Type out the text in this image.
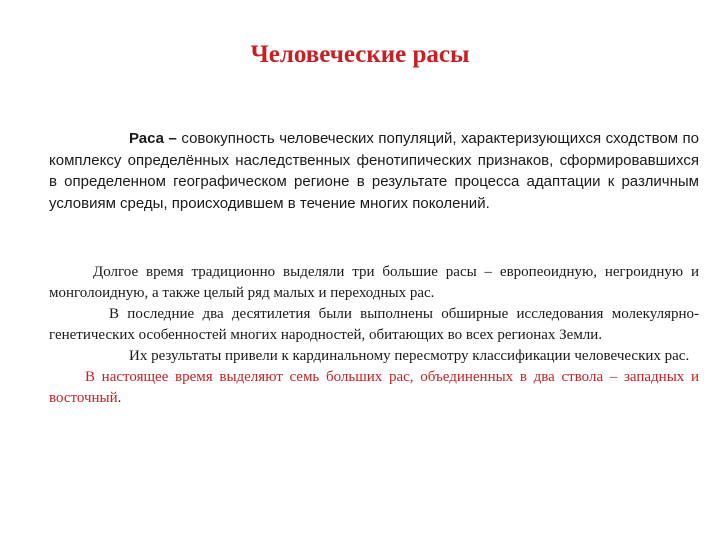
Человеческие расы

Раса – совокупность человеческих популяций, характеризующихся сходством по комплексу определённых наследственных фенотипических признаков, сформировавшихся в определенном географическом регионе в результате процесса адаптации к различным условиям среды, происходившем в течение многих поколений.

Долгое время традиционно выделяли три большие расы – европеоидную, негроидную и монголоидную, а также целый ряд малых и переходных рас.

В последние два десятилетия были выполнены обширные исследования молекулярно-генетических особенностей многих народностей, обитающих во всех регионах Земли.

Их результаты привели к кардинальному пересмотру классификации человеческих рас.

В настоящее время выделяют семь больших рас, объединенных в два ствола – западных и восточный.
